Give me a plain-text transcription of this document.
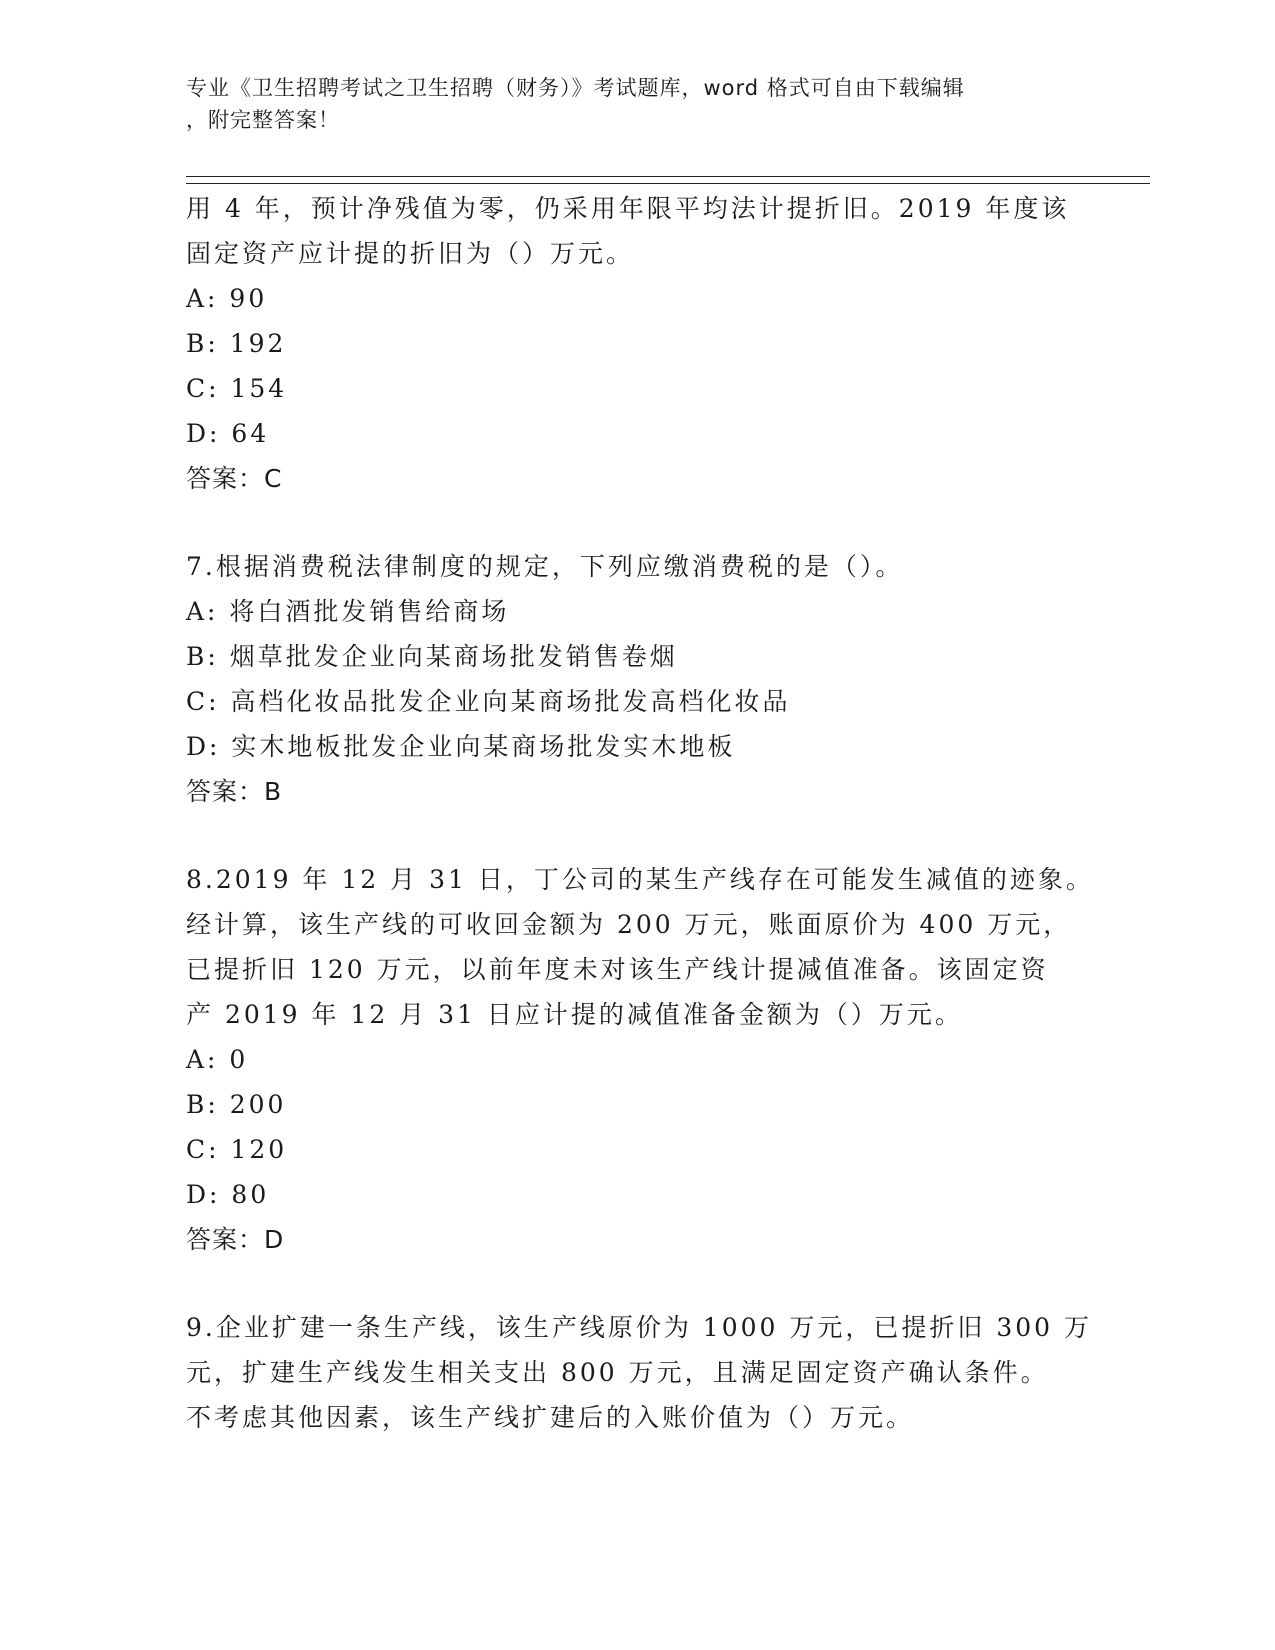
专业《卫生招聘考试之卫生招聘（财务）》考试题库，word 格式可自由下载编辑
，附完整答案！

用 4 年，预计净残值为零，仍采用年限平均法计提折旧。2019 年度该

固定资产应计提的折旧为（）万元。

A: 90

B: 192

C: 154

D: 64

答案：C

7.根据消费税法律制度的规定，下列应缴消费税的是（）。

A: 将白酒批发销售给商场

B: 烟草批发企业向某商场批发销售卷烟

C: 高档化妆品批发企业向某商场批发高档化妆品

D: 实木地板批发企业向某商场批发实木地板

答案：B

8.2019 年 12 月 31 日，丁公司的某生产线存在可能发生减值的迹象。

经计算，该生产线的可收回金额为 200 万元，账面原价为 400 万元，

已提折旧 120 万元，以前年度未对该生产线计提减值准备。该固定资

产 2019 年 12 月 31 日应计提的减值准备金额为（）万元。

A: 0

B: 200

C: 120

D: 80

答案：D

9.企业扩建一条生产线，该生产线原价为 1000 万元，已提折旧 300 万

元，扩建生产线发生相关支出 800 万元，且满足固定资产确认条件。

不考虑其他因素，该生产线扩建后的入账价值为（）万元。
